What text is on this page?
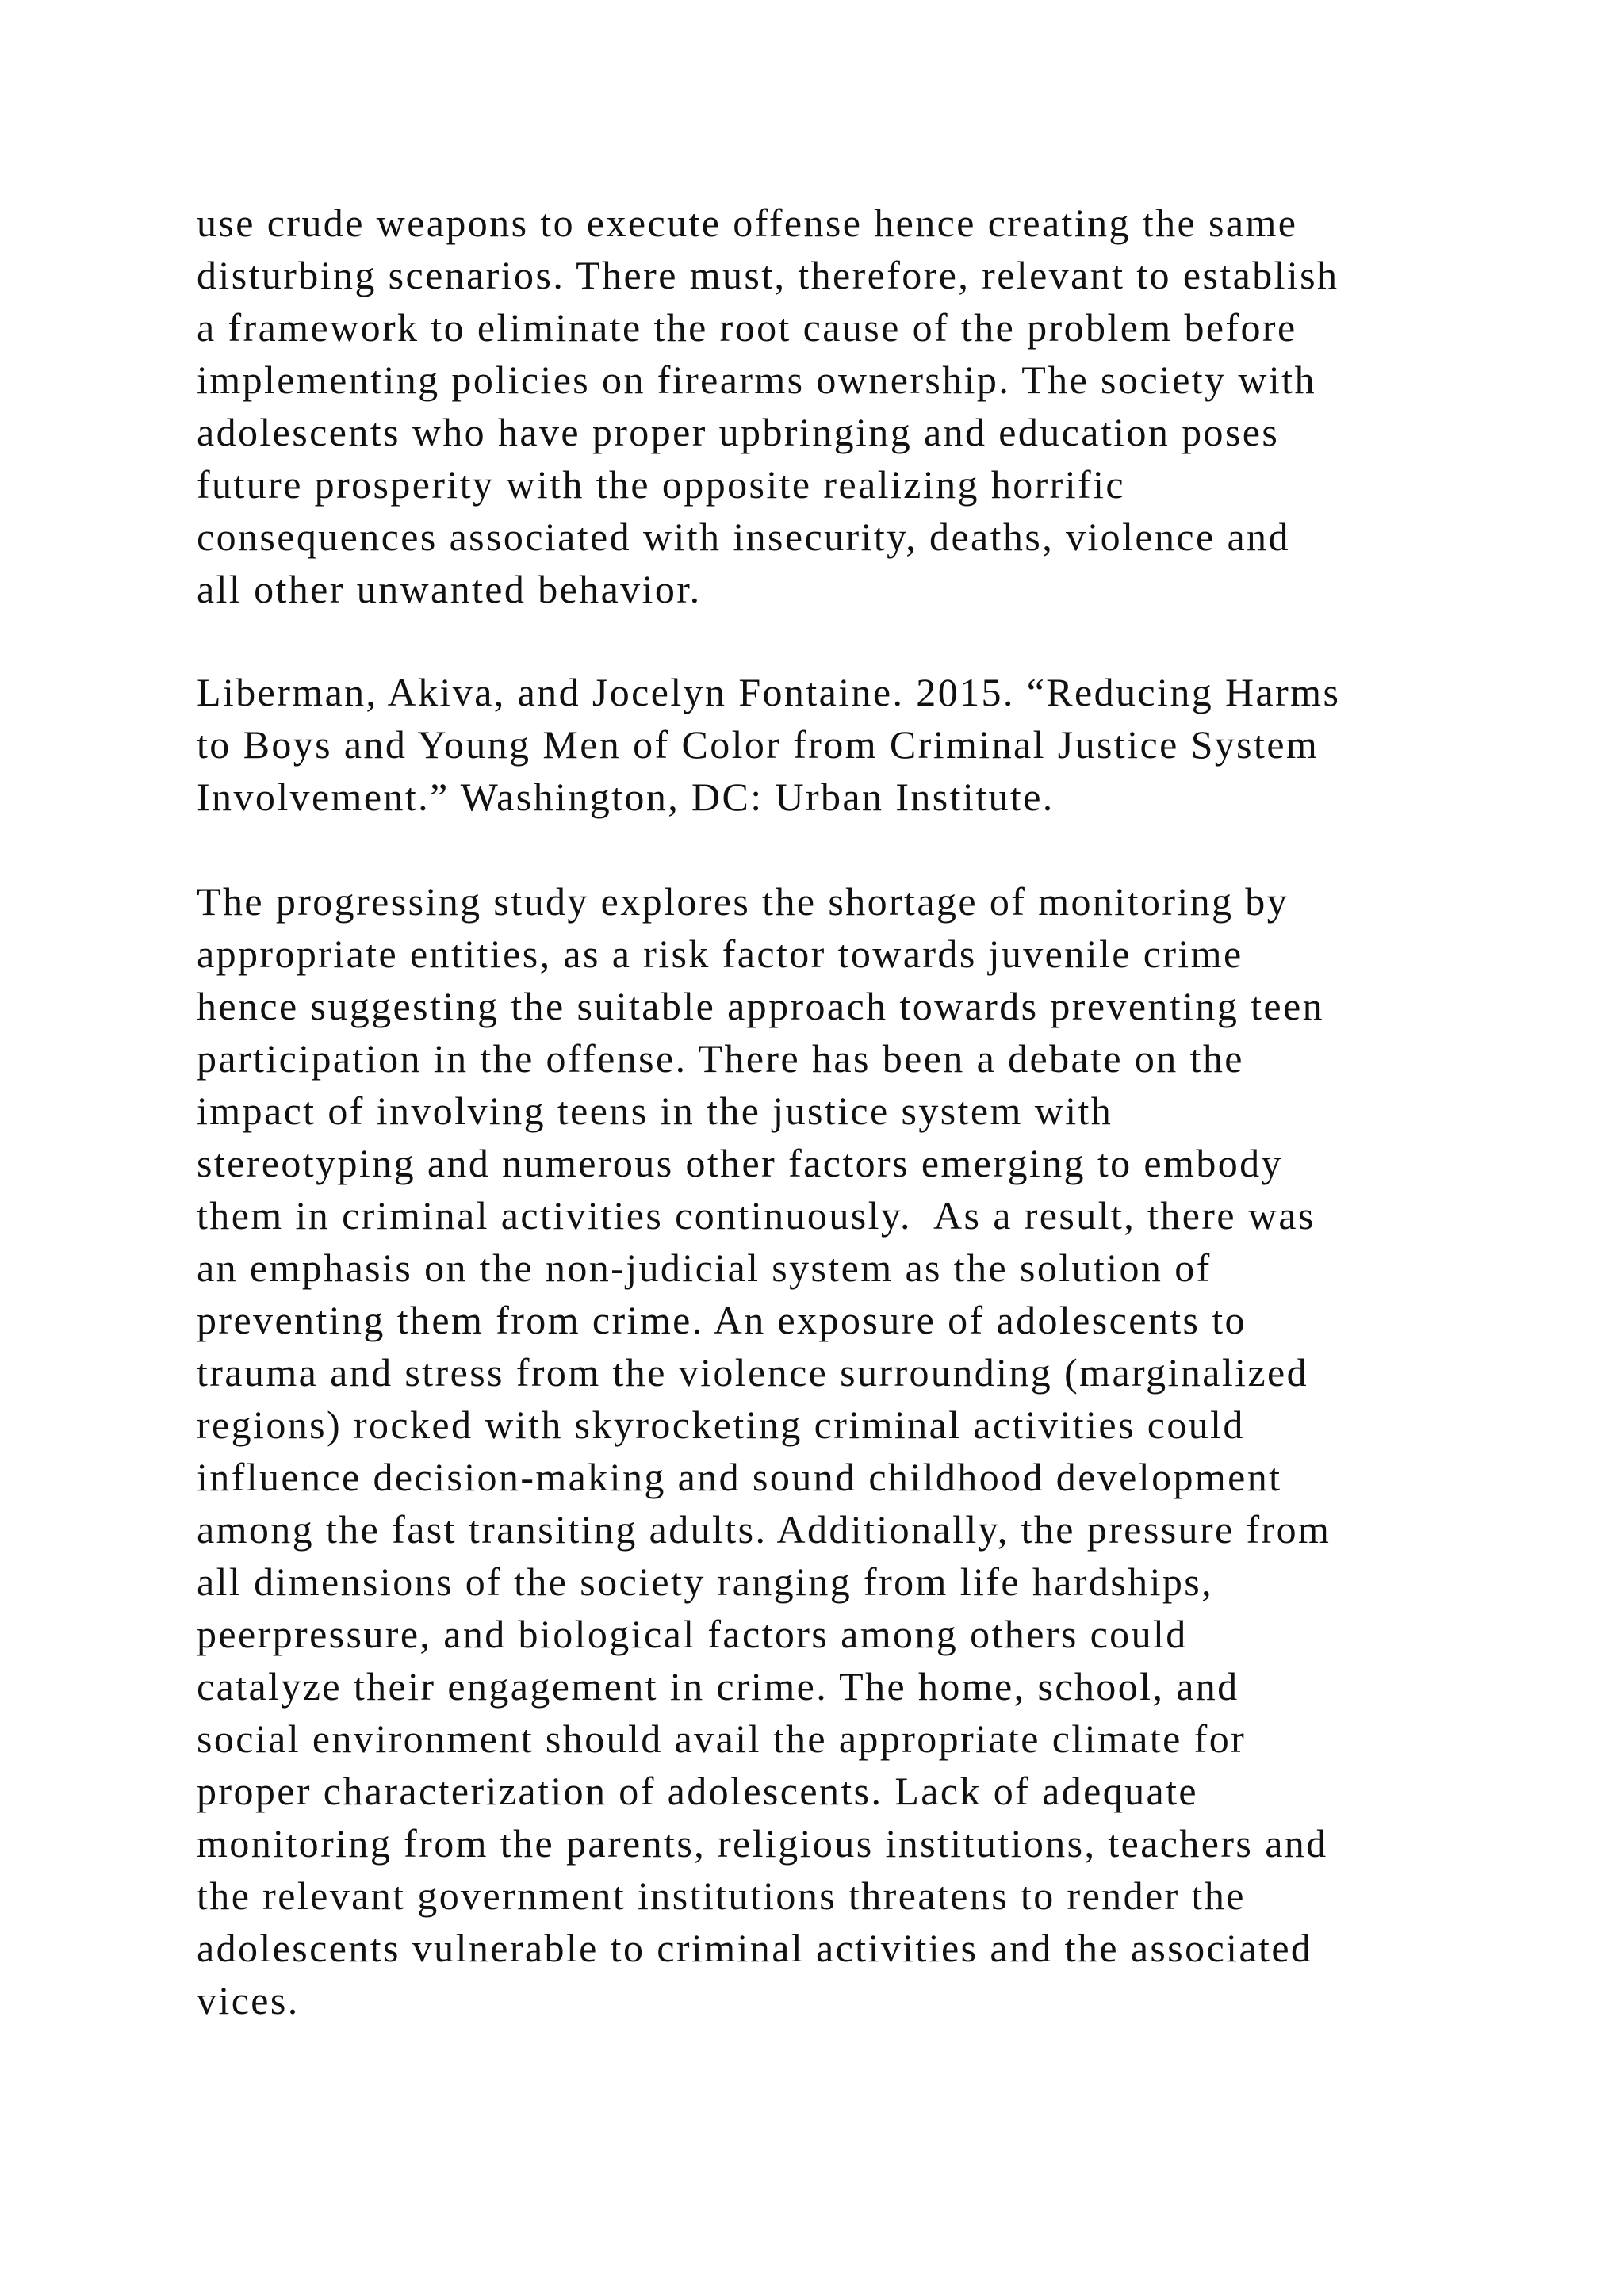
use crude weapons to execute offense hence creating the same
disturbing scenarios. There must, therefore, relevant to establish
a framework to eliminate the root cause of the problem before
implementing policies on firearms ownership. The society with
adolescents who have proper upbringing and education poses
future prosperity with the opposite realizing horrific
consequences associated with insecurity, deaths, violence and
all other unwanted behavior.
Liberman, Akiva, and Jocelyn Fontaine. 2015. “Reducing Harms
to Boys and Young Men of Color from Criminal Justice System
Involvement.” Washington, DC: Urban Institute.
The progressing study explores the shortage of monitoring by
appropriate entities, as a risk factor towards juvenile crime
hence suggesting the suitable approach towards preventing teen
participation in the offense. There has been a debate on the
impact of involving teens in the justice system with
stereotyping and numerous other factors emerging to embody
them in criminal activities continuously.  As a result, there was
an emphasis on the non-judicial system as the solution of
preventing them from crime. An exposure of adolescents to
trauma and stress from the violence surrounding (marginalized
regions) rocked with skyrocketing criminal activities could
influence decision-making and sound childhood development
among the fast transiting adults. Additionally, the pressure from
all dimensions of the society ranging from life hardships,
peerpressure, and biological factors among others could
catalyze their engagement in crime. The home, school, and
social environment should avail the appropriate climate for
proper characterization of adolescents. Lack of adequate
monitoring from the parents, religious institutions, teachers and
the relevant government institutions threatens to render the
adolescents vulnerable to criminal activities and the associated
vices.
